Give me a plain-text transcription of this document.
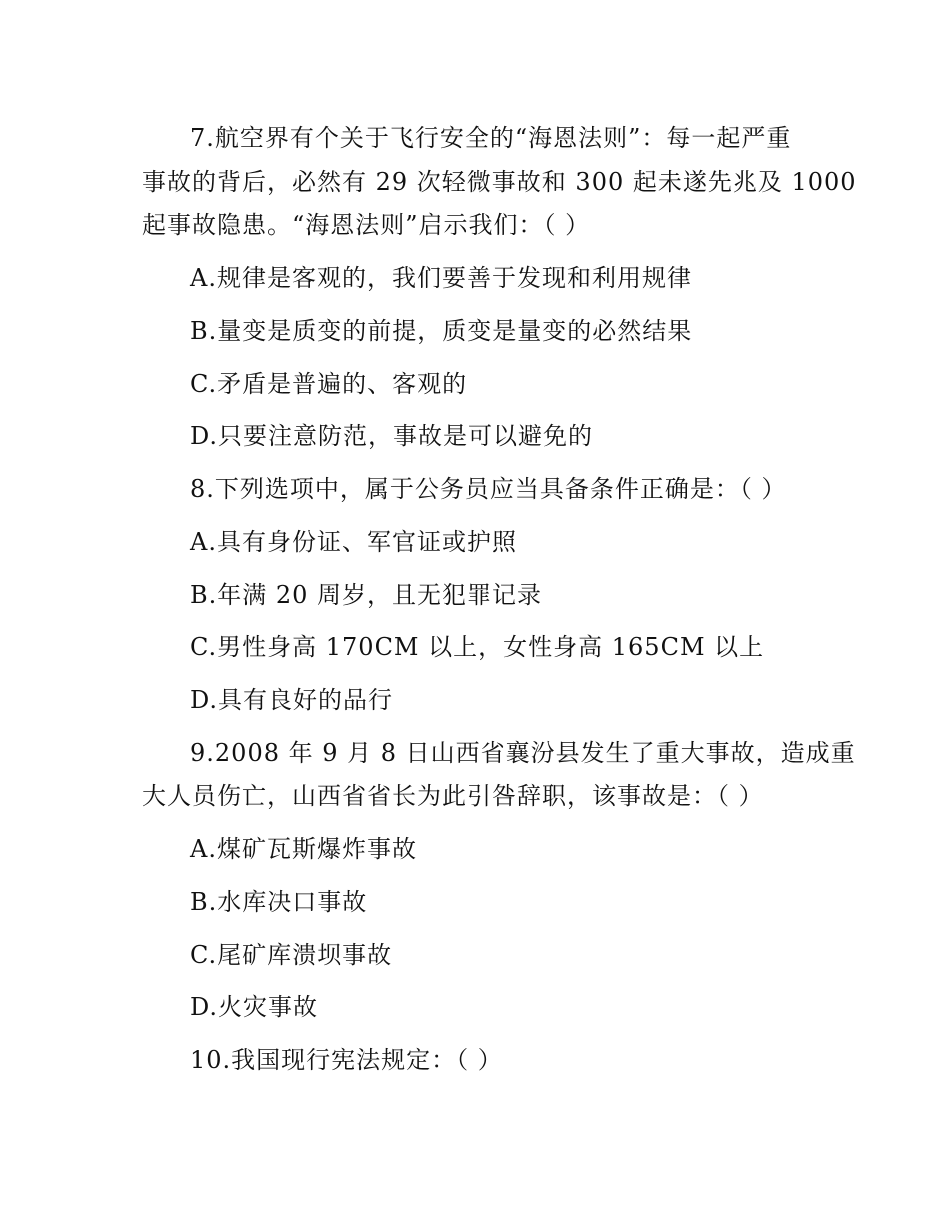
7.航空界有个关于飞行安全的“海恩法则”：每一起严重
事故的背后，必然有 29 次轻微事故和 300 起未遂先兆及 1000
起事故隐患。“海恩法则”启示我们：（ ）
A.规律是客观的，我们要善于发现和利用规律
B.量变是质变的前提，质变是量变的必然结果
C.矛盾是普遍的、客观的
D.只要注意防范，事故是可以避免的
8.下列选项中，属于公务员应当具备条件正确是：（ ）
A.具有身份证、军官证或护照
B.年满 20 周岁，且无犯罪记录
C.男性身高 170CM 以上，女性身高 165CM 以上
D.具有良好的品行
9.2008 年 9 月 8 日山西省襄汾县发生了重大事故，造成重
大人员伤亡，山西省省长为此引咎辞职，该事故是：（ ）
A.煤矿瓦斯爆炸事故
B.水库决口事故
C.尾矿库溃坝事故
D.火灾事故
10.我国现行宪法规定：（ ）
